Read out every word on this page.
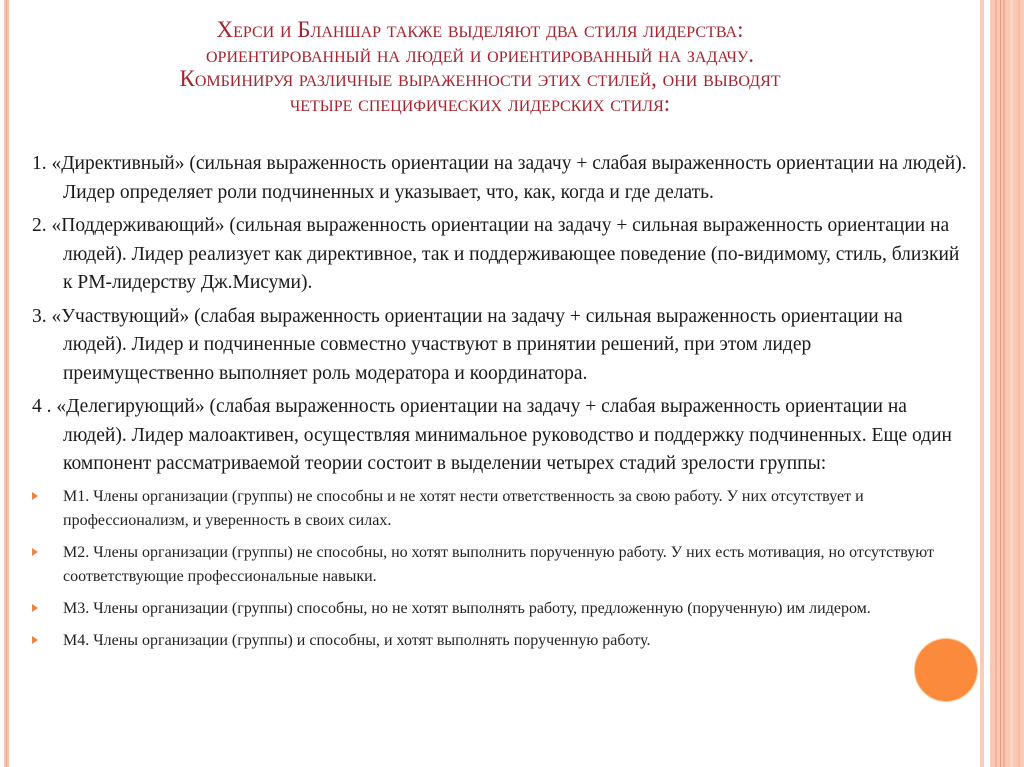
Херси и Бланшар также выделяют два стиля лидерства:
ориентированный на людей и ориентированный на задачу.
Комбинируя различные выраженности этих стилей, они выводят
четыре специфических лидерских стиля:
1. «Директивный» (сильная выраженность ориентации на задачу + слабая выраженность ориентации на людей). Лидер определяет роли подчиненных и указывает, что, как, когда и где делать.
2. «Поддерживающий» (сильная выраженность ориентации на задачу + сильная выраженность ориентации на людей). Лидер реализует как директивное, так и поддерживающее поведение (по-видимому, стиль, близкий к РМ-лидерству Дж.Мисуми).
3. «Участвующий» (слабая выраженность ориентации на задачу + сильная выраженность ориентации на людей). Лидер и подчиненные совместно участвуют в принятии решений, при этом лидер преимущественно выполняет роль модератора и координатора.
4 . «Делегирующий» (слабая выраженность ориентации на задачу + слабая выраженность ориентации на людей). Лидер малоактивен, осуществляя минимальное руководство и поддержку подчиненных. Еще один компонент рассматриваемой теории состоит в выделении четырех стадий зрелости группы:
М1. Члены организации (группы) не способны и не хотят нести ответственность за свою работу. У них отсутствует и профессионализм, и уверенность в своих силах.
М2. Члены организации (группы) не способны, но хотят выполнить порученную работу. У них есть мотивация, но отсутствуют соответствующие профессиональные навыки.
М3. Члены организации (группы) способны, но не хотят выполнять работу, предложенную (порученную) им лидером.
М4. Члены организации (группы) и способны, и хотят выполнять порученную работу.
